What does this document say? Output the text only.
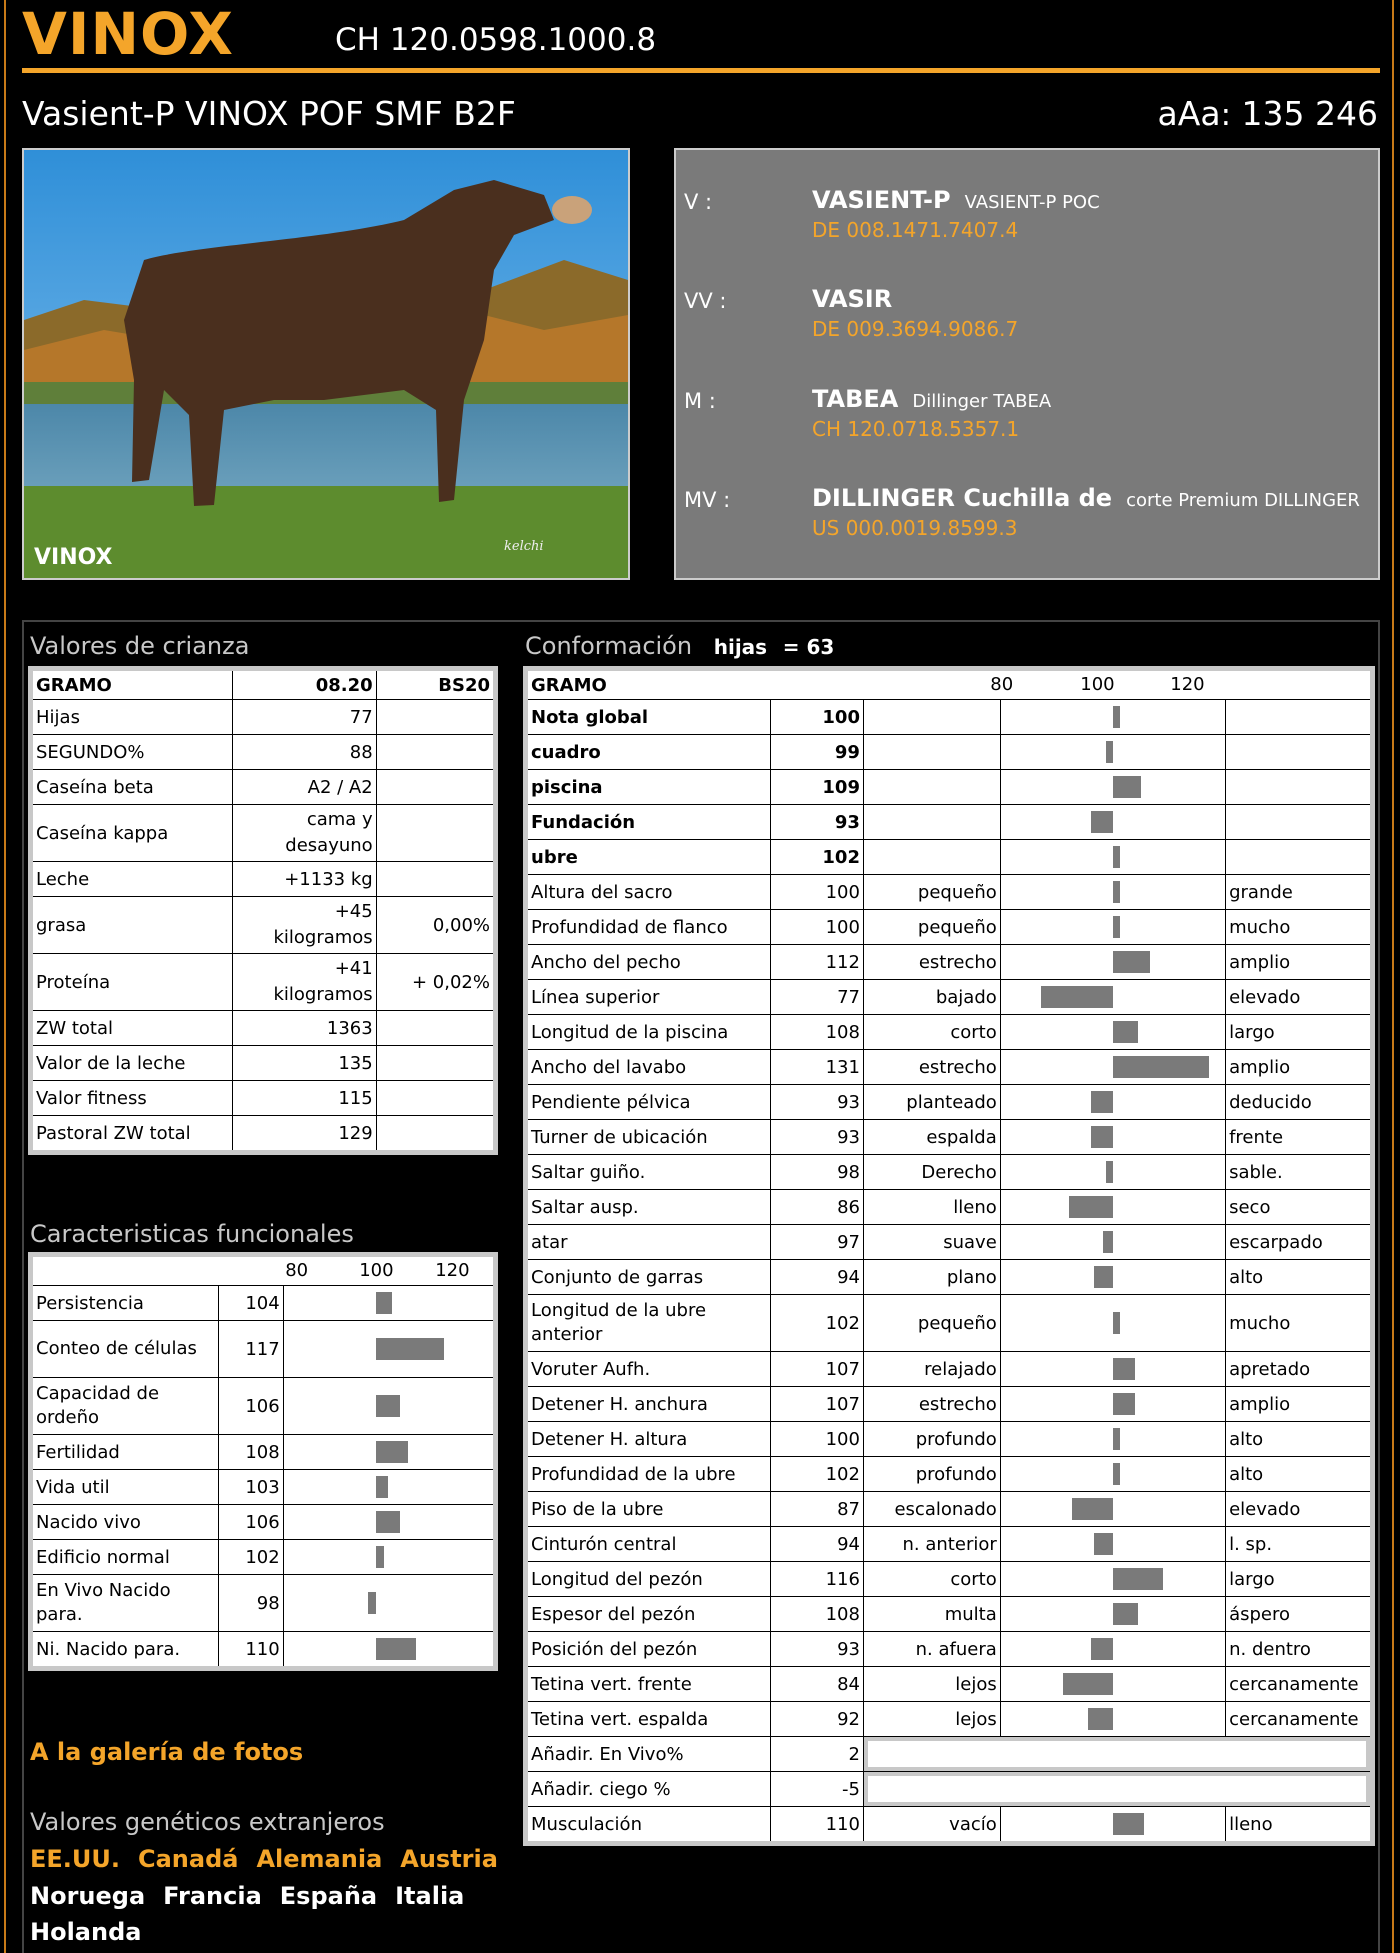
VINOX	CH 120.0598.1000.8
Vasient-P VINOX POF SMF B2F	aAa: 135 246
kelchi
VINOX
V :	VASIENT-P VASIENT-P POC
DE 008.1471.7407.4
VV :	VASIR
DE 009.3694.9086.7
M :	TABEA Dillinger TABEA
CH 120.0718.5357.1
MV :	DILLINGER Cuchilla de corte Premium DILLINGER
US 000.0019.8599.3
Valores de crianza
GRAMO	08.20	BS20
Hijas	77	
SEGUNDO%	88	
Caseína beta	A2 / A2	
Caseína kappa	cama y desayuno	
Leche	+1133 kg	
grasa	+45 kilogramos	0,00%
Proteína	+41 kilogramos	+ 0,02%
ZW total	1363	
Valor de la leche	135	
Valor fitness	115	
Pastoral ZW total	129	
Caracteristicas funcionales

		80 100 120

Persistencia	104	

Conteo de células	117	

Capacidad de ordeño	106	

Fertilidad	108	

Vida util	103	

Nacido vivo	106	

Edificio normal	102	

En Vivo Nacido para.	98	

Ni. Nacido para.	110	
A la galería de fotos
Valores genéticos extranjeros
EE.UU. Canadá Alemania Austria
Noruega Francia España Italia
Holanda
Conformación hijas = 63
GRAMO			80 100 120	

Nota global	100		

cuadro	99		

piscina	109		

Fundación	93		

ubre	102		

Altura del sacro	100	pequeño		grande
Profundidad de flanco	100	pequeño		mucho
Ancho del pecho	112	estrecho		amplio
Línea superior	77	bajado		elevado
Longitud de la piscina	108	corto		largo
Ancho del lavabo	131	estrecho		amplio
Pendiente pélvica	93	planteado		deducido
Turner de ubicación	93	espalda		frente
Saltar guiño.	98	Derecho		sable.
Saltar ausp.	86	lleno		seco
atar	97	suave		escarpado
Conjunto de garras	94	plano		alto
Longitud de la ubre anterior	102	pequeño		mucho
Voruter Aufh.	107	relajado		apretado
Detener H. anchura	107	estrecho		amplio
Detener H. altura	100	profundo		alto
Profundidad de la ubre	102	profundo		alto
Piso de la ubre	87	escalonado		elevado
Cinturón central	94	n. anterior		l. sp.
Longitud del pezón	116	corto		largo
Espesor del pezón	108	multa		áspero
Posición del pezón	93	n. afuera		n. dentro
Tetina vert. frente	84	lejos		cercanamente
Tetina vert. espalda	92	lejos		cercanamente
Añadir. En Vivo%	2			
Añadir. ciego %	-5			
Musculación	110	vacío		lleno
